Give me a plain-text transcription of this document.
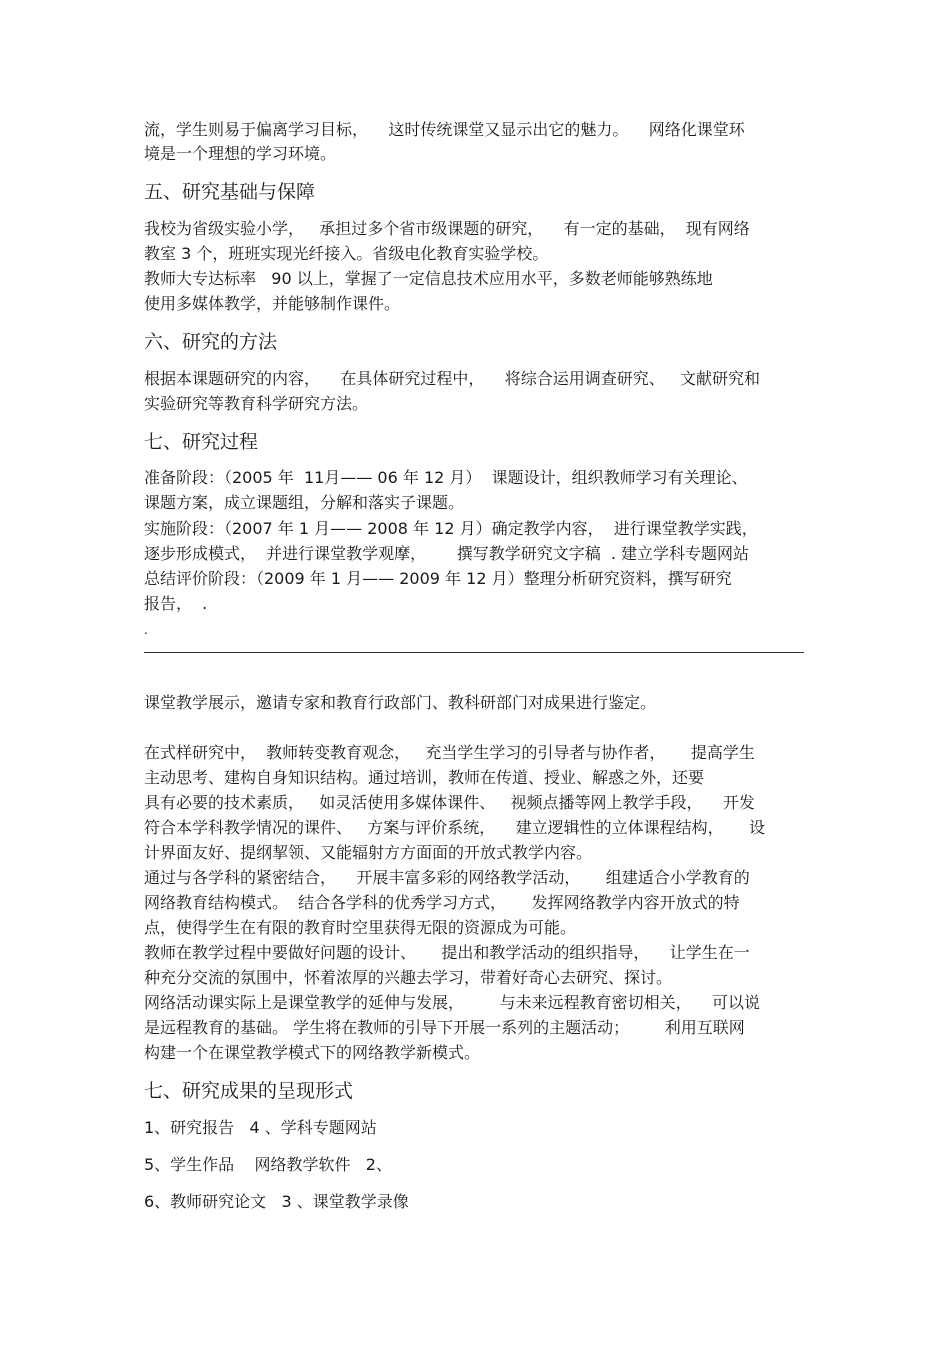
流，学生则易于偏离学习目标，    这时传统课堂又显示出它的魅力。    网络化课堂环
境是一个理想的学习环境。
五、研究基础与保障
我校为省级实验小学，   承担过多个省市级课题的研究，    有一定的基础，  现有网络
教室 3 个，班班实现光纤接入。省级电化教育实验学校。
教师大专达标率   90 以上，掌握了一定信息技术应用水平，多数老师能够熟练地
使用多媒体教学，并能够制作课件。
六、研究的方法
根据本课题研究的内容，    在具体研究过程中，    将综合运用调查研究、   文献研究和
实验研究等教育科学研究方法。
七、研究过程
准备阶段：（2005 年  11月—— 06 年 12 月）  课题设计，组织教师学习有关理论、
课题方案，成立课题组，分解和落实子课题。
实施阶段：（2007 年 1 月—— 2008 年 12 月）确定教学内容，  进行课堂教学实践，
逐步形成模式，  并进行课堂教学观摩，      撰写教学研究文字稿  . 建立学科专题网站
总结评价阶段：（2009 年 1 月—— 2009 年 12 月）整理分析研究资料，撰写研究
报告，  .
.
课堂教学展示，邀请专家和教育行政部门、教科研部门对成果进行鉴定。
在式样研究中，  教师转变教育观念，   充当学生学习的引导者与协作者，     提高学生
主动思考、建构自身知识结构。通过培训，教师在传道、授业、解惑之外，还要
具有必要的技术素质，   如灵活使用多媒体课件、   视频点播等网上教学手段，    开发
符合本学科教学情况的课件、   方案与评价系统，    建立逻辑性的立体课程结构，     设
计界面友好、提纲挈领、又能辐射方方面面的开放式教学内容。
通过与各学科的紧密结合，    开展丰富多彩的网络教学活动，     组建适合小学教育的
网络教育结构模式。  结合各学科的优秀学习方式，     发挥网络教学内容开放式的特
点，使得学生在有限的教育时空里获得无限的资源成为可能。
教师在教学过程中要做好问题的设计、     提出和教学活动的组织指导，    让学生在一
种充分交流的氛围中，怀着浓厚的兴趣去学习，带着好奇心去研究、探讨。
网络活动课实际上是课堂教学的延伸与发展，       与未来远程教育密切相关，    可以说
是远程教育的基础。 学生将在教师的引导下开展一系列的主题活动；       利用互联网
构建一个在课堂教学模式下的网络教学新模式。
七、研究成果的呈现形式
1、研究报告   4 、学科专题网站
5、学生作品    网络教学软件   2、
6、教师研究论文   3 、课堂教学录像
